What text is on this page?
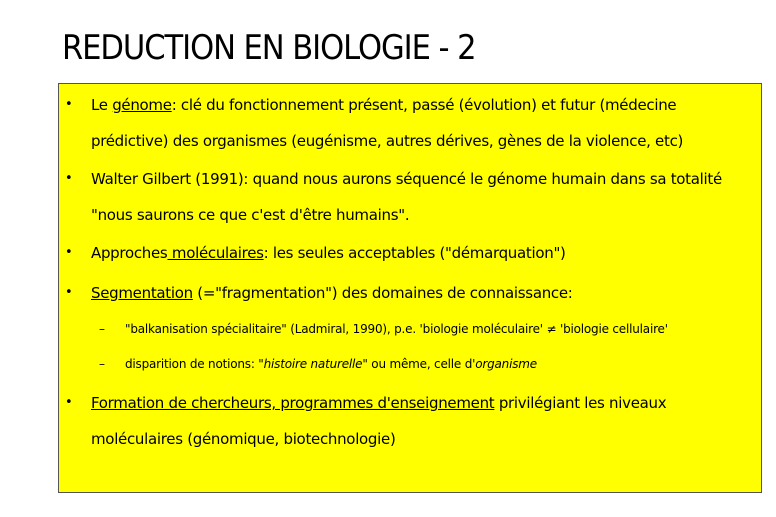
REDUCTION EN BIOLOGIE - 2
•	Le génome: clé du fonctionnement présent, passé (évolution) et futur (médecine
prédictive) des organismes (eugénisme, autres dérives, gènes de la violence, etc)
•	Walter Gilbert (1991): quand nous aurons séquencé le génome humain dans sa totalité
"nous saurons ce que c'est d'être humains".
•	Approches moléculaires: les seules acceptables ("démarquation")
•	Segmentation (="fragmentation") des domaines de connaissance:
–	"balkanisation spécialitaire" (Ladmiral, 1990), p.e. 'biologie moléculaire' ≠ 'biologie cellulaire'
–	disparition de notions: "histoire naturelle" ou même, celle d'organisme
•	Formation de chercheurs, programmes d'enseignement privilégiant les niveaux
moléculaires (génomique, biotechnologie)
